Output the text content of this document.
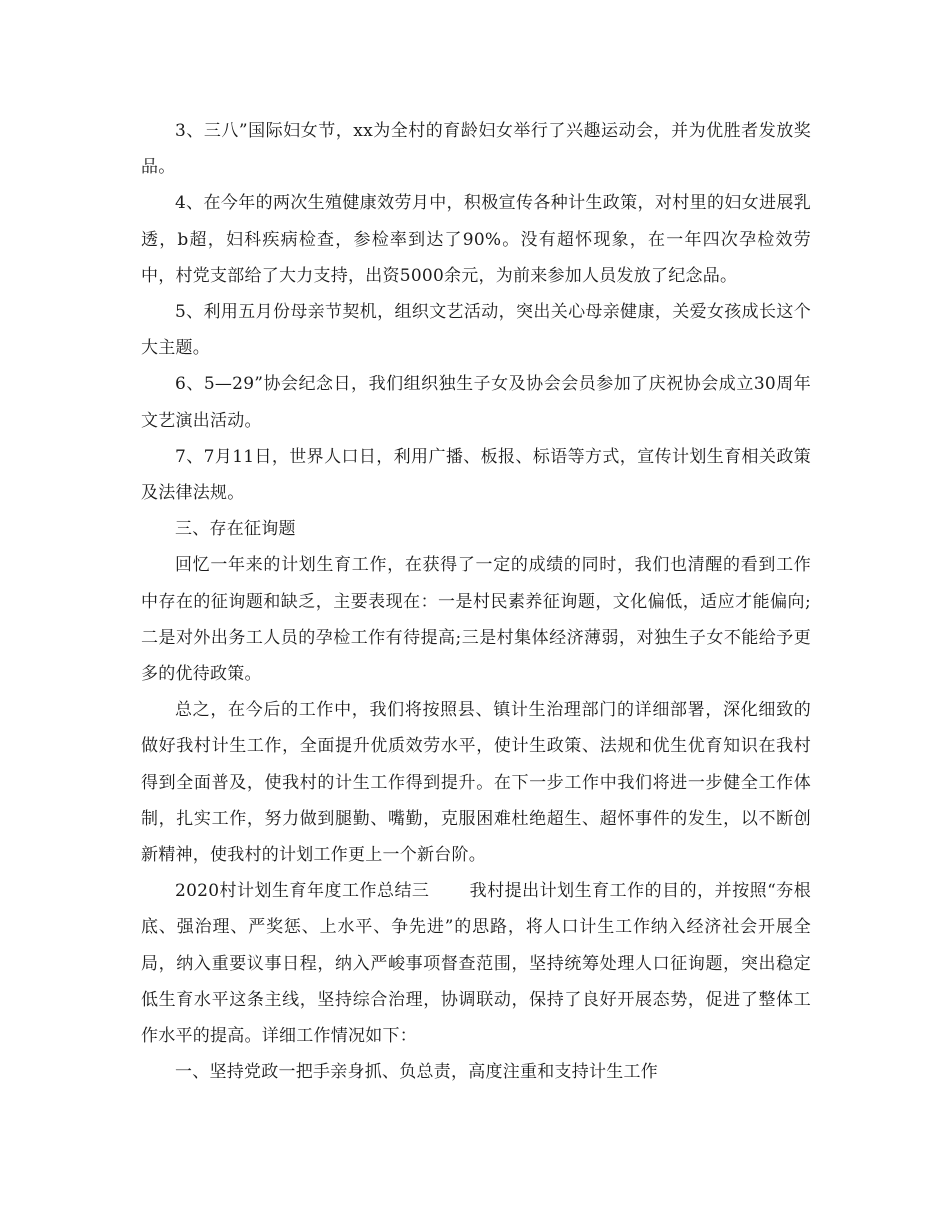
3、三八”国际妇女节，xx为全村的育龄妇女举行了兴趣运动会，并为优胜者发放奖品。

4、在今年的两次生殖健康效劳月中，积极宣传各种计生政策，对村里的妇女进展乳透，b超，妇科疾病检查，参检率到达了90%。没有超怀现象，在一年四次孕检效劳中，村党支部给了大力支持，出资5000余元，为前来参加人员发放了纪念品。

5、利用五月份母亲节契机，组织文艺活动，突出关心母亲健康，关爱女孩成长这个大主题。

6、5—29”协会纪念日，我们组织独生子女及协会会员参加了庆祝协会成立30周年文艺演出活动。

7、7月11日，世界人口日，利用广播、板报、标语等方式，宣传计划生育相关政策及法律法规。

三、存在征询题

回忆一年来的计划生育工作，在获得了一定的成绩的同时，我们也清醒的看到工作中存在的征询题和缺乏，主要表现在：一是村民素养征询题，文化偏低，适应才能偏向;二是对外出务工人员的孕检工作有待提高;三是村集体经济薄弱，对独生子女不能给予更多的优待政策。

总之，在今后的工作中，我们将按照县、镇计生治理部门的详细部署，深化细致的做好我村计生工作，全面提升优质效劳水平，使计生政策、法规和优生优育知识在我村得到全面普及，使我村的计生工作得到提升。在下一步工作中我们将进一步健全工作体制，扎实工作，努力做到腿勤、嘴勤，克服困难杜绝超生、超怀事件的发生，以不断创新精神，使我村的计划工作更上一个新台阶。

2020村计划生育年度工作总结三 我村提出计划生育工作的目的，并按照“夯根底、强治理、严奖惩、上水平、争先进”的思路，将人口计生工作纳入经济社会开展全局，纳入重要议事日程，纳入严峻事项督查范围，坚持统筹处理人口征询题，突出稳定低生育水平这条主线，坚持综合治理，协调联动，保持了良好开展态势，促进了整体工作水平的提高。详细工作情况如下：

一、坚持党政一把手亲身抓、负总责，高度注重和支持计生工作
